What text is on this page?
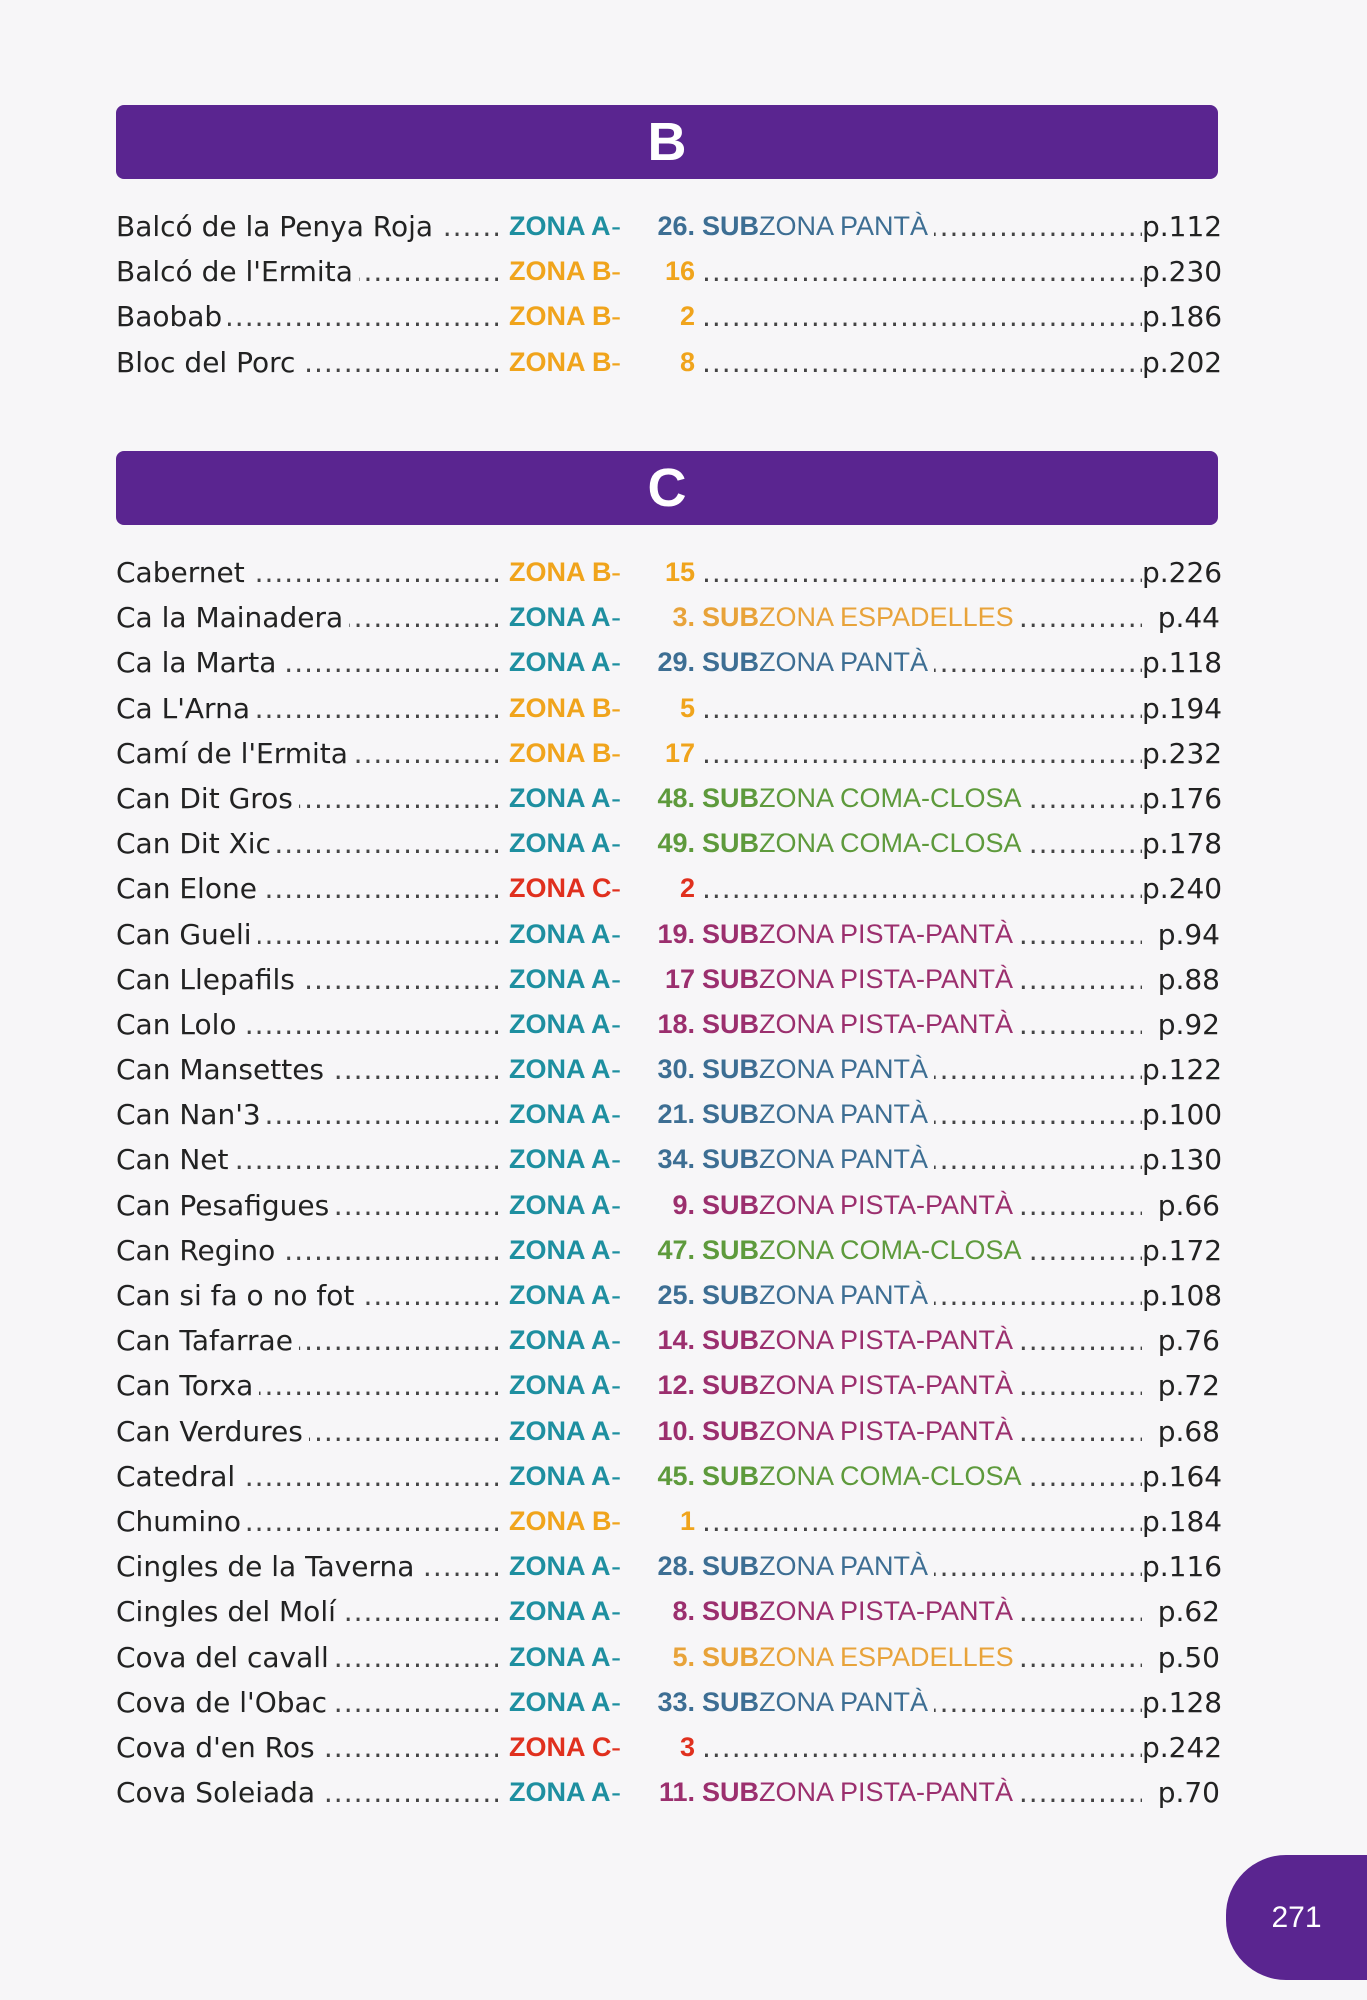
B
.....
Balcó de la Penya Roja	ZONA A -	26. ..... SUBZONA PANTÀ	p.112
.....
Balcó de l'Ermita	ZONA B -	16 .....	p.230
.....
Baobab	ZONA B -	2 .....	p.186
.....
Bloc del Porc	ZONA B -	8 .....	p.202
C
.....
Cabernet	ZONA B -	15 .....	p.226
.....
Ca la Mainadera	ZONA A -	3. ..... SUBZONA ESPADELLES	p.44
.....
Ca la Marta	ZONA A -	29. ..... SUBZONA PANTÀ	p.118
.....
Ca L'Arna	ZONA B -	5 .....	p.194
.....
Camí de l'Ermita	ZONA B -	17 .....	p.232
.....
Can Dit Gros	ZONA A -	48. ..... SUBZONA COMA-CLOSA	p.176
.....
Can Dit Xic	ZONA A -	49. ..... SUBZONA COMA-CLOSA	p.178
.....
Can Elone	ZONA C -	2 .....	p.240
.....
Can Gueli	ZONA A -	19. ..... SUBZONA PISTA-PANTÀ	p.94
.....
Can Llepafils	ZONA A -	17 ..... SUBZONA PISTA-PANTÀ	p.88
.....
Can Lolo	ZONA A -	18. ..... SUBZONA PISTA-PANTÀ	p.92
.....
Can Mansettes	ZONA A -	30. ..... SUBZONA PANTÀ	p.122
.....
Can Nan'3	ZONA A -	21. ..... SUBZONA PANTÀ	p.100
.....
Can Net	ZONA A -	34. ..... SUBZONA PANTÀ	p.130
.....
Can Pesafigues	ZONA A -	9. ..... SUBZONA PISTA-PANTÀ	p.66
.....
Can Regino	ZONA A -	47. ..... SUBZONA COMA-CLOSA	p.172
.....
Can si fa o no fot	ZONA A -	25. ..... SUBZONA PANTÀ	p.108
.....
Can Tafarrae	ZONA A -	14. ..... SUBZONA PISTA-PANTÀ	p.76
.....
Can Torxa	ZONA A -	12. ..... SUBZONA PISTA-PANTÀ	p.72
.....
Can Verdures	ZONA A -	10. ..... SUBZONA PISTA-PANTÀ	p.68
.....
Catedral	ZONA A -	45. ..... SUBZONA COMA-CLOSA	p.164
.....
Chumino	ZONA B -	1 .....	p.184
.....
Cingles de la Taverna	ZONA A -	28. ..... SUBZONA PANTÀ	p.116
.....
Cingles del Molí	ZONA A -	8. ..... SUBZONA PISTA-PANTÀ	p.62
.....
Cova del cavall	ZONA A -	5. ..... SUBZONA ESPADELLES	p.50
.....
Cova de l'Obac	ZONA A -	33. ..... SUBZONA PANTÀ	p.128
.....
Cova d'en Ros	ZONA C -	3 .....	p.242
.....
Cova Soleiada	ZONA A -	11. ..... SUBZONA PISTA-PANTÀ	p.70
271
